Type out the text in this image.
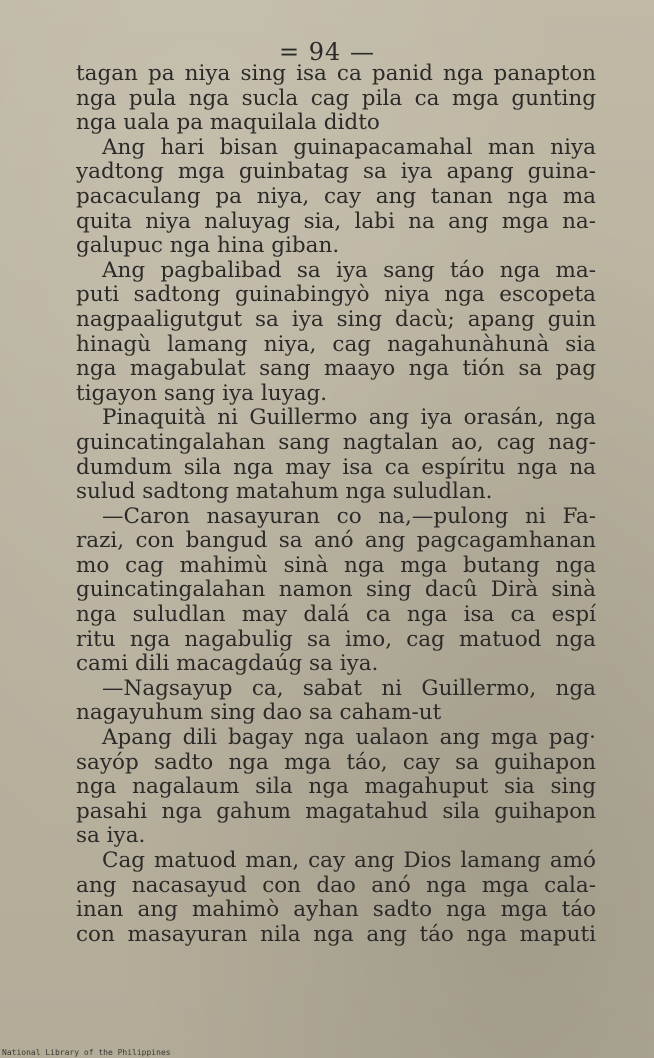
= 94 —
tagan pa niya sing isa ca panid nga panapton
nga pula nga sucla cag pila ca mga gunting
nga uala pa maquilala didto
Ang hari bisan guinapacamahal man niya
yadtong mga guinbatag sa iya apang guina-
pacaculang pa niya, cay ang tanan nga ma
quita niya naluyag sia, labi na ang mga na-
galupuc nga hina giban.
Ang pagbalibad sa iya sang táo nga ma-
puti sadtong guinabingyò niya nga escopeta
nagpaaligutgut sa iya sing dacù; apang guin
hinagù lamang niya, cag nagahunàhunà sia
nga magabulat sang maayo nga tión sa pag
tigayon sang iya luyag.
Pinaquità ni Guillermo ang iya orasán, nga
guincatingalahan sang nagtalan ao, cag nag-
dumdum sila nga may isa ca espíritu nga na
sulud sadtong matahum nga suludlan.
—Caron nasayuran co na,—pulong ni Fa-
razi, con bangud sa anó ang pagcagamhanan
mo cag mahimù sinà nga mga butang nga
guincatingalahan namon sing dacû Dirà sinà
nga suludlan may dalá ca nga isa ca espí
ritu nga nagabulig sa imo, cag matuod nga
cami dili macagdaúg sa iya.
—Nagsayup ca, sabat ni Guillermo, nga
nagayuhum sing dao sa caham-ut
Apang dili bagay nga ualaon ang mga pag·
sayóp sadto nga mga táo, cay sa guihapon
nga nagalaum sila nga magahuput sia sing
pasahi nga gahum magatahud sila guihapon
sa iya.
Cag matuod man, cay ang Dios lamang amó
ang nacasayud con dao anó nga mga cala-
inan ang mahimò ayhan sadto nga mga táo
con masayuran nila nga ang táo nga maputi
National Library of the Philippines
